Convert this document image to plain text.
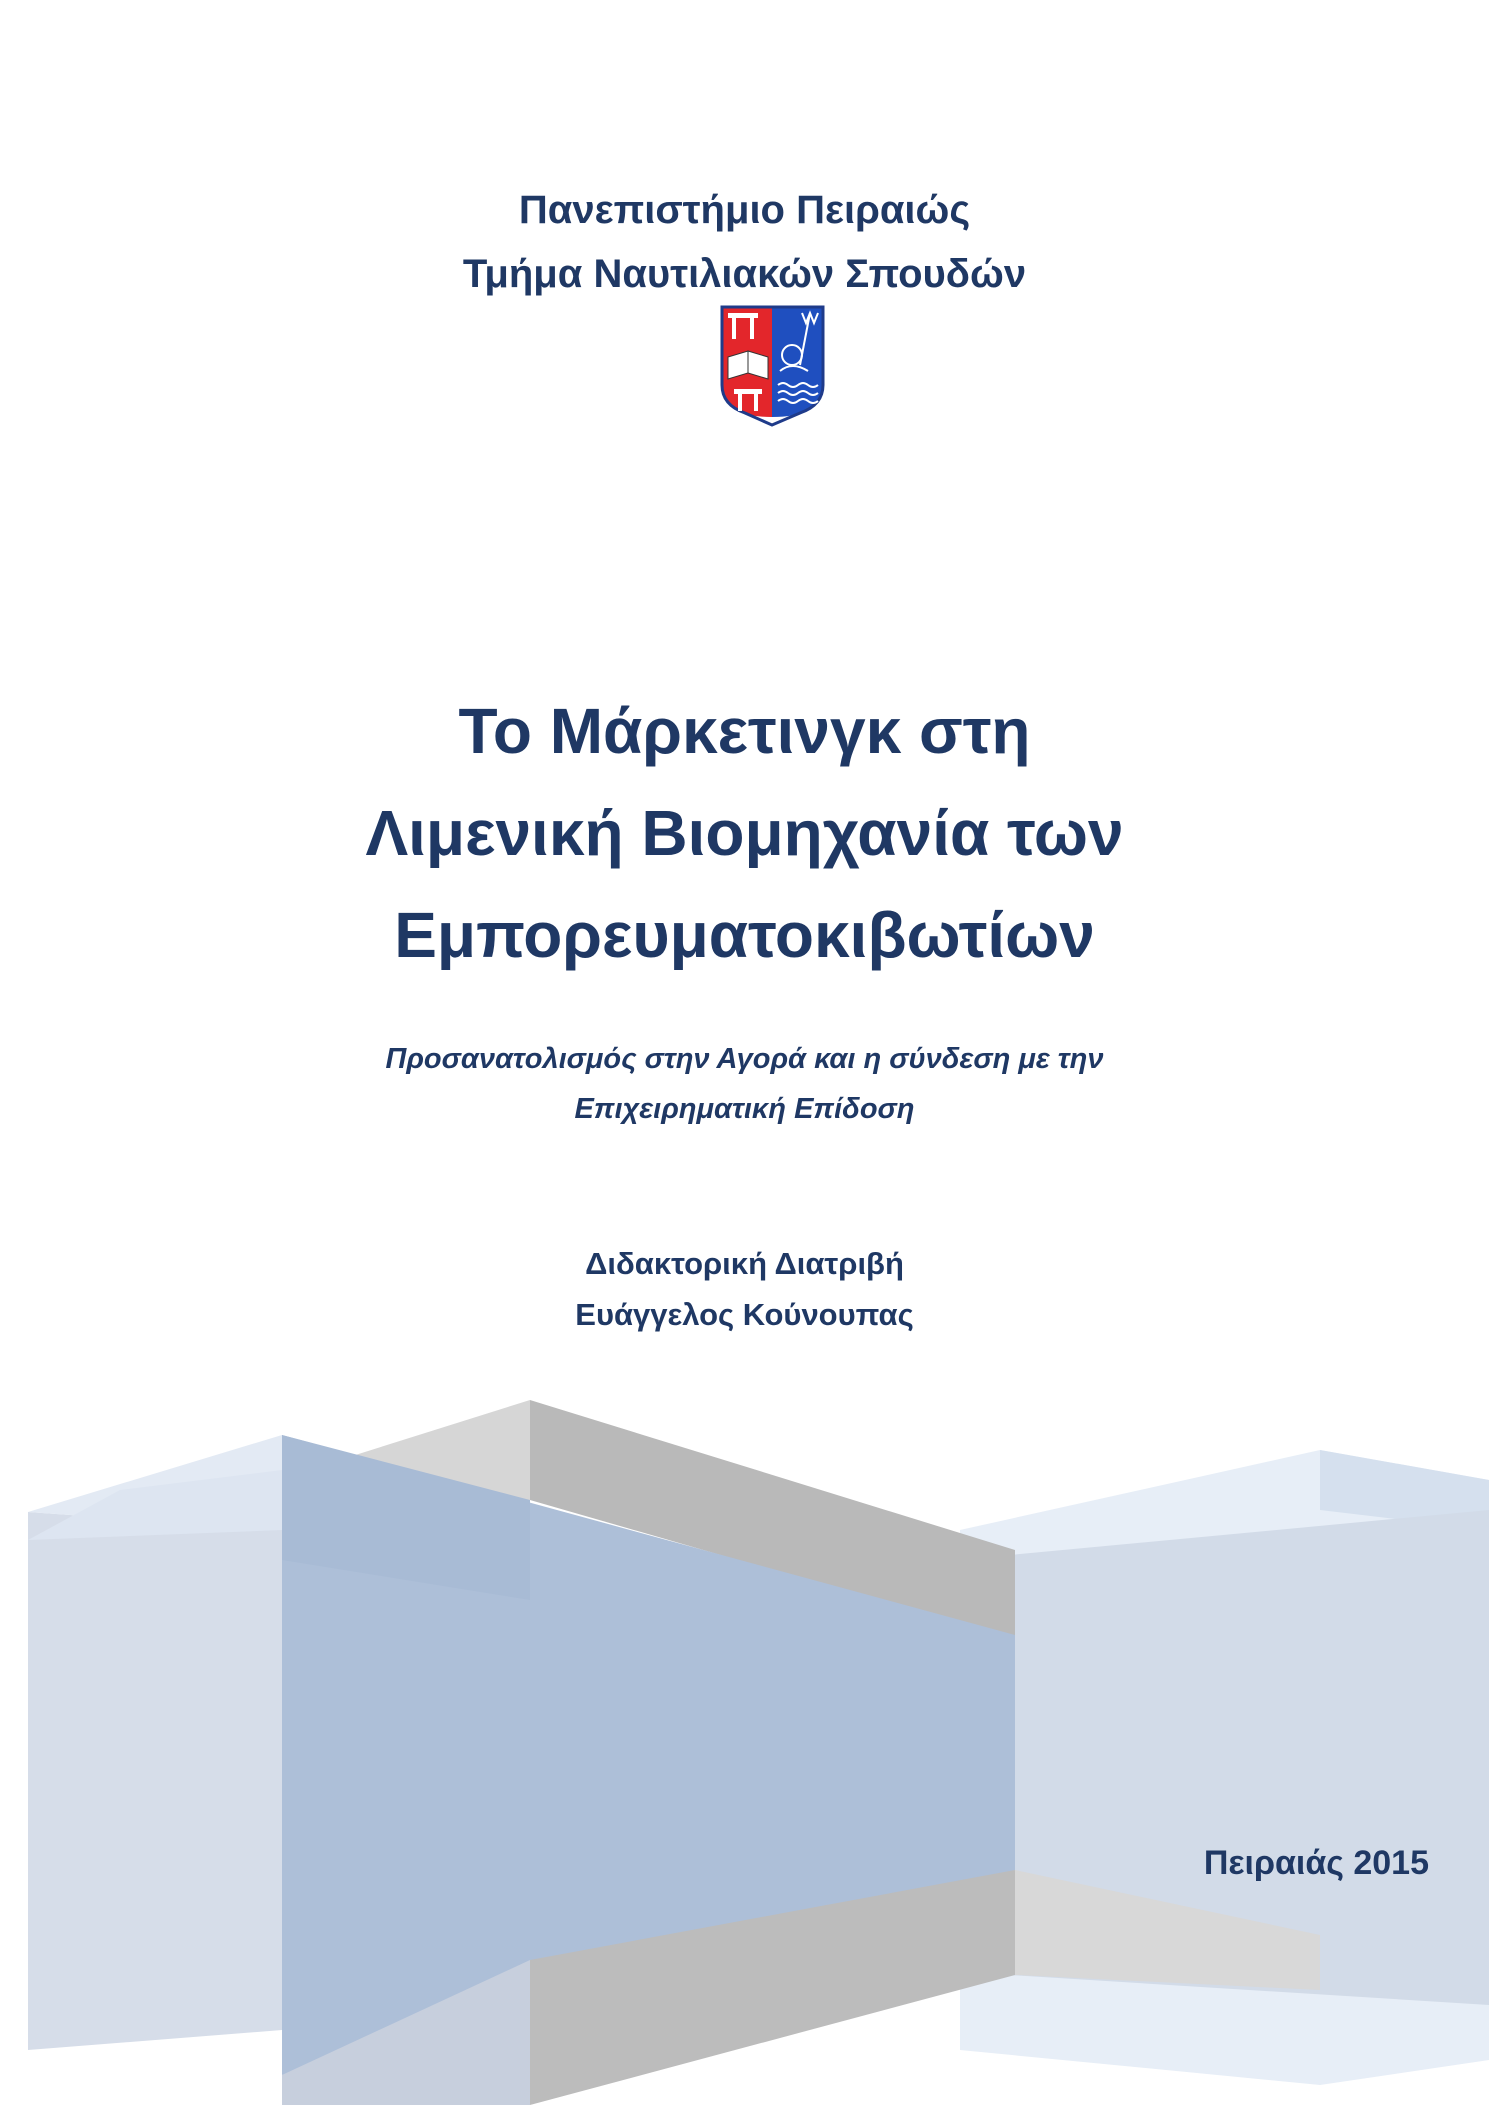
Πανεπιστήμιο Πειραιώς
Τμήμα Ναυτιλιακών Σπουδών
Το Μάρκετινγκ στη
Λιμενική Βιομηχανία των
Εμπορευματοκιβωτίων
Προσανατολισμός στην Αγορά και η σύνδεση με την
Επιχειρηματική Επίδοση
Διδακτορική Διατριβή
Ευάγγελος Κούνουπας
Πειραιάς 2015
